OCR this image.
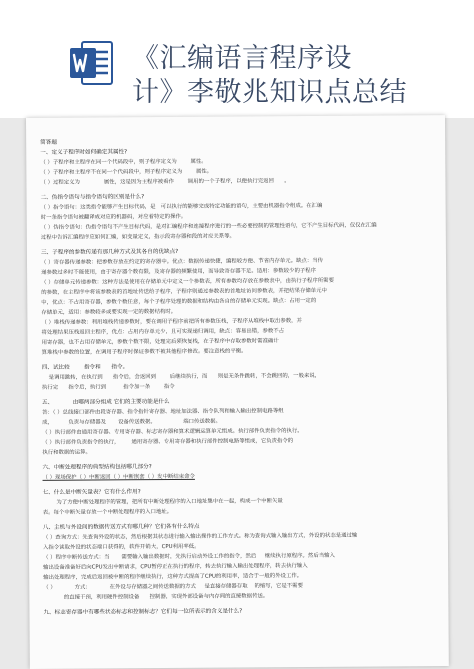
《汇编语言程序设
计》李敬兆知识点总结

简答题

一、定义子程序时如何确定其属性?

（ ）子程序和主程序在同一个代码段中，则子程序定义为        属性。

（ ）子程序和主程序不在同一个代码段中，则子程序定义为        属性。

（ ）过程定义为              属性，这是因为主程序被看作        调用的一个子程序，以便执行完返回      。

二、伪指令语句与指令语句的区别是什么?

（ ）指令语句：这类指令能够产生目标代码，是   可以执行的能够完成特定功能的语句，主要由机器指令组成。在汇编

时一条指令语句被翻译成对应的机器码，对应着特定的操作。

（ ）伪指令语句：伪指令语句不产生目标代码，是对汇编程序和连接程序进行的一些必要控制的管理性语句，它不产生目标代码，仅仅在汇编

过程中告诉汇编程序应如何汇编，如变量定义，指示段寄存器和段的对应关系等。

三、子程序的参数传递有那几种方式及其各自的优缺点?

（ ）寄存器传递参数：把参数存放在约定的寄存器中。优点：数据传递快捷，编程较方便、节省内存单元。缺点：当传

递参数过多时不能使用，由于寄存器个数有限，及寄存器的频繁使用，而导致寄存器不足。适用：参数较少的子程序

（ ）存储单元传递参数：这种方法是使用在存储单元中定义一个参数表，所有参数均存放在参数表中，由执行子程序所需要

的参数，在主程序中将该参数表的首地址传送给子程序，子程序则通过参数表的首地址访问参数表，并把结果存储单元中

中，优点：不占用寄存器，参数个数任意，每个子程序处理的数据和结构由各自的存储单元实现。缺点：占用一定的

存储单元，适用：参数较多或要实现一定的数据结构时。

（ ）堆栈传递参数：利用堆栈传递参数时，要在调用子程序前把所有参数压栈，子程序从堆栈中取出参数，并

将处理结果压栈返回主程序，优点：占用内存单元少，且可实现递归调用，缺点：容易出错，参数不占

用寄存器，也不占用存储单元，参数个数不限，处理完后须恢复栈，在子程序中存取参数时需准确计

算堆栈中参数的位置，在调用子程序时保证参数不被其他程序修改。要注意栈的平衡。

四、试比较        指令和      指令。

是调用跳转，在执行到      指令后，会返回到        后继续执行，而      则是无条件跳转，不会跳回的，一般来说，

执行完      指令后，执行到          指令加一条        指令

五、           由哪两部分组成 它们的主要功能是什么

答：（ ）总线接口部件由段寄存器、指令指针寄存器、地址加法器、指令队列和输入输出控制电路等组

成，         负责与存储器及       设备传送数据。                端口传送数据。

（ ）执行部件由通用寄存器、专用寄存器、标志寄存器和算术逻辑运算单元组成。执行部件负责指令的执行。

（ ）执行部件负责指令的执行，       通用寄存器、专用寄存器和执行部件控制电路等组成，它负责指令的

执行和数据的运算。

六、中断处理程序的典型结构包括哪几部分?

（ ）现场保护（ ）中断返回（ ）中断嵌套（ ）发中断结束命令

七、什么是中断矢量表？它有什么作用?

为了方便中断处理程序的管理，把所有中断处理程序的入口地址集中在一起，构成一个中断矢量

表。每个中断矢量存放一个中断处理程序的入口地址。

八、主机与外设间的数据传送方式有哪几种？它们各有什么特点

（ ）查询方式：先查询外设的状态，然后根据其状态进行输入输出操作的工作方式。称为查询式输入输出方式，外设的状态是通过输

入指令读取外设的状态端口获得的，软件开销大，CPU利用率低。

（ ）程序中断传送方式：当       需要输入输出数据时，先执行启动外设工作的指令，然后     继续执行原程序。然后当输入

输出设备准备好后向CPU发出中断请求，CPU暂停正在执行的程序，转去执行输入输出处理程序，转去执行输入

输出处理程序，完成后返回被中断的程序继续执行，这种方式提高了CPU的利用率，适合于一般的外设工作。

（ ）           方式：           在外设与存储器之间传送数据的方式     是直接存储器存取    的缩写，它是不需要

的直接干预，利用硬件控制设备      控制器，实现外部设备与内存间的直接数据传送。

九、标志寄存器中有哪些状态标志和控制标志？它们每一位所表示的含义是什么?
